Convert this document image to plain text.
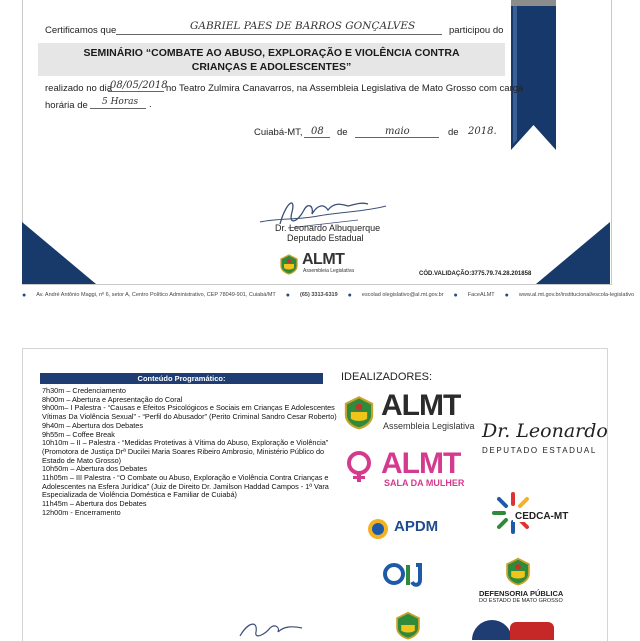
Certificamos que	GABRIEL PAES DE BARROS GONÇALVES	participou do
SEMINÁRIO “COMBATE AO ABUSO, EXPLORAÇÃO E VIOLÊNCIA CONTRA
CRIANÇAS E ADOLESCENTES”
realizado no dia
08/05/2018
no Teatro Zulmira Canavarros, na Assembleia Legislativa de Mato Grosso com carga
horária de 5 Horas .
Cuiabá-MT, 08 de	maio	de 2018.
Dr. Leonardo Albuquerque
Deputado Estadual
ALMT
Assembleia Legislativa	CÓD.VALIDAÇÃO:3775.79.74.28.201858
● Av. André Antônio Maggi, nº 6, setor A, Centro Político Administrativo, CEP 78049-901, Cuiabá/MT ● (65) 3313-6319 ● escolad olegislativo@al.mt.gov.br ● FaceALMT ● www.al.mt.gov.br/institucional/escola-legislativo
Conteúdo Programático:
7h30m – Credenciamento
8h00m – Abertura e Apresentação do Coral
9h00m– I Palestra - “Causas e Efeitos Psicológicos e Sociais em Crianças E Adolescentes
Vítimas Da Violência Sexual” - “Perfil do Abusador” (Perito Criminal Sandro Cesar Roberto)
9h40m – Abertura dos Debates
9h55m – Coffee Break
10h10m – II – Palestra - “Medidas Protetivas à Vítima do Abuso, Exploração e Violência”
(Promotora de Justiça Drª Ducilei Maria Soares Ribeiro Ambrosio, Ministério Público do
Estado de Mato Grosso)
10h50m – Abertura dos Debates
11h05m – III Palestra - “O Combate ou Abuso, Exploração e Violência Contra Crianças e
Adolescentes na Esfera Jurídica” (Juiz de Direito Dr. Jamilson Haddad Campos - 1ª Vara
Especializada de Violência Doméstica e Familiar de Cuiabá)
11h45m – Abertura dos Debates
12h00m - Encerramento
IDEALIZADORES:
ALMT
Assembleia Legislativa Dr. Leonardo
DEPUTADO ESTADUAL
ALMT
SALA DA MULHER
APDM
CEDCA-MT
DEFENSORIA PÚBLICA
DO ESTADO DE MATO GROSSO
